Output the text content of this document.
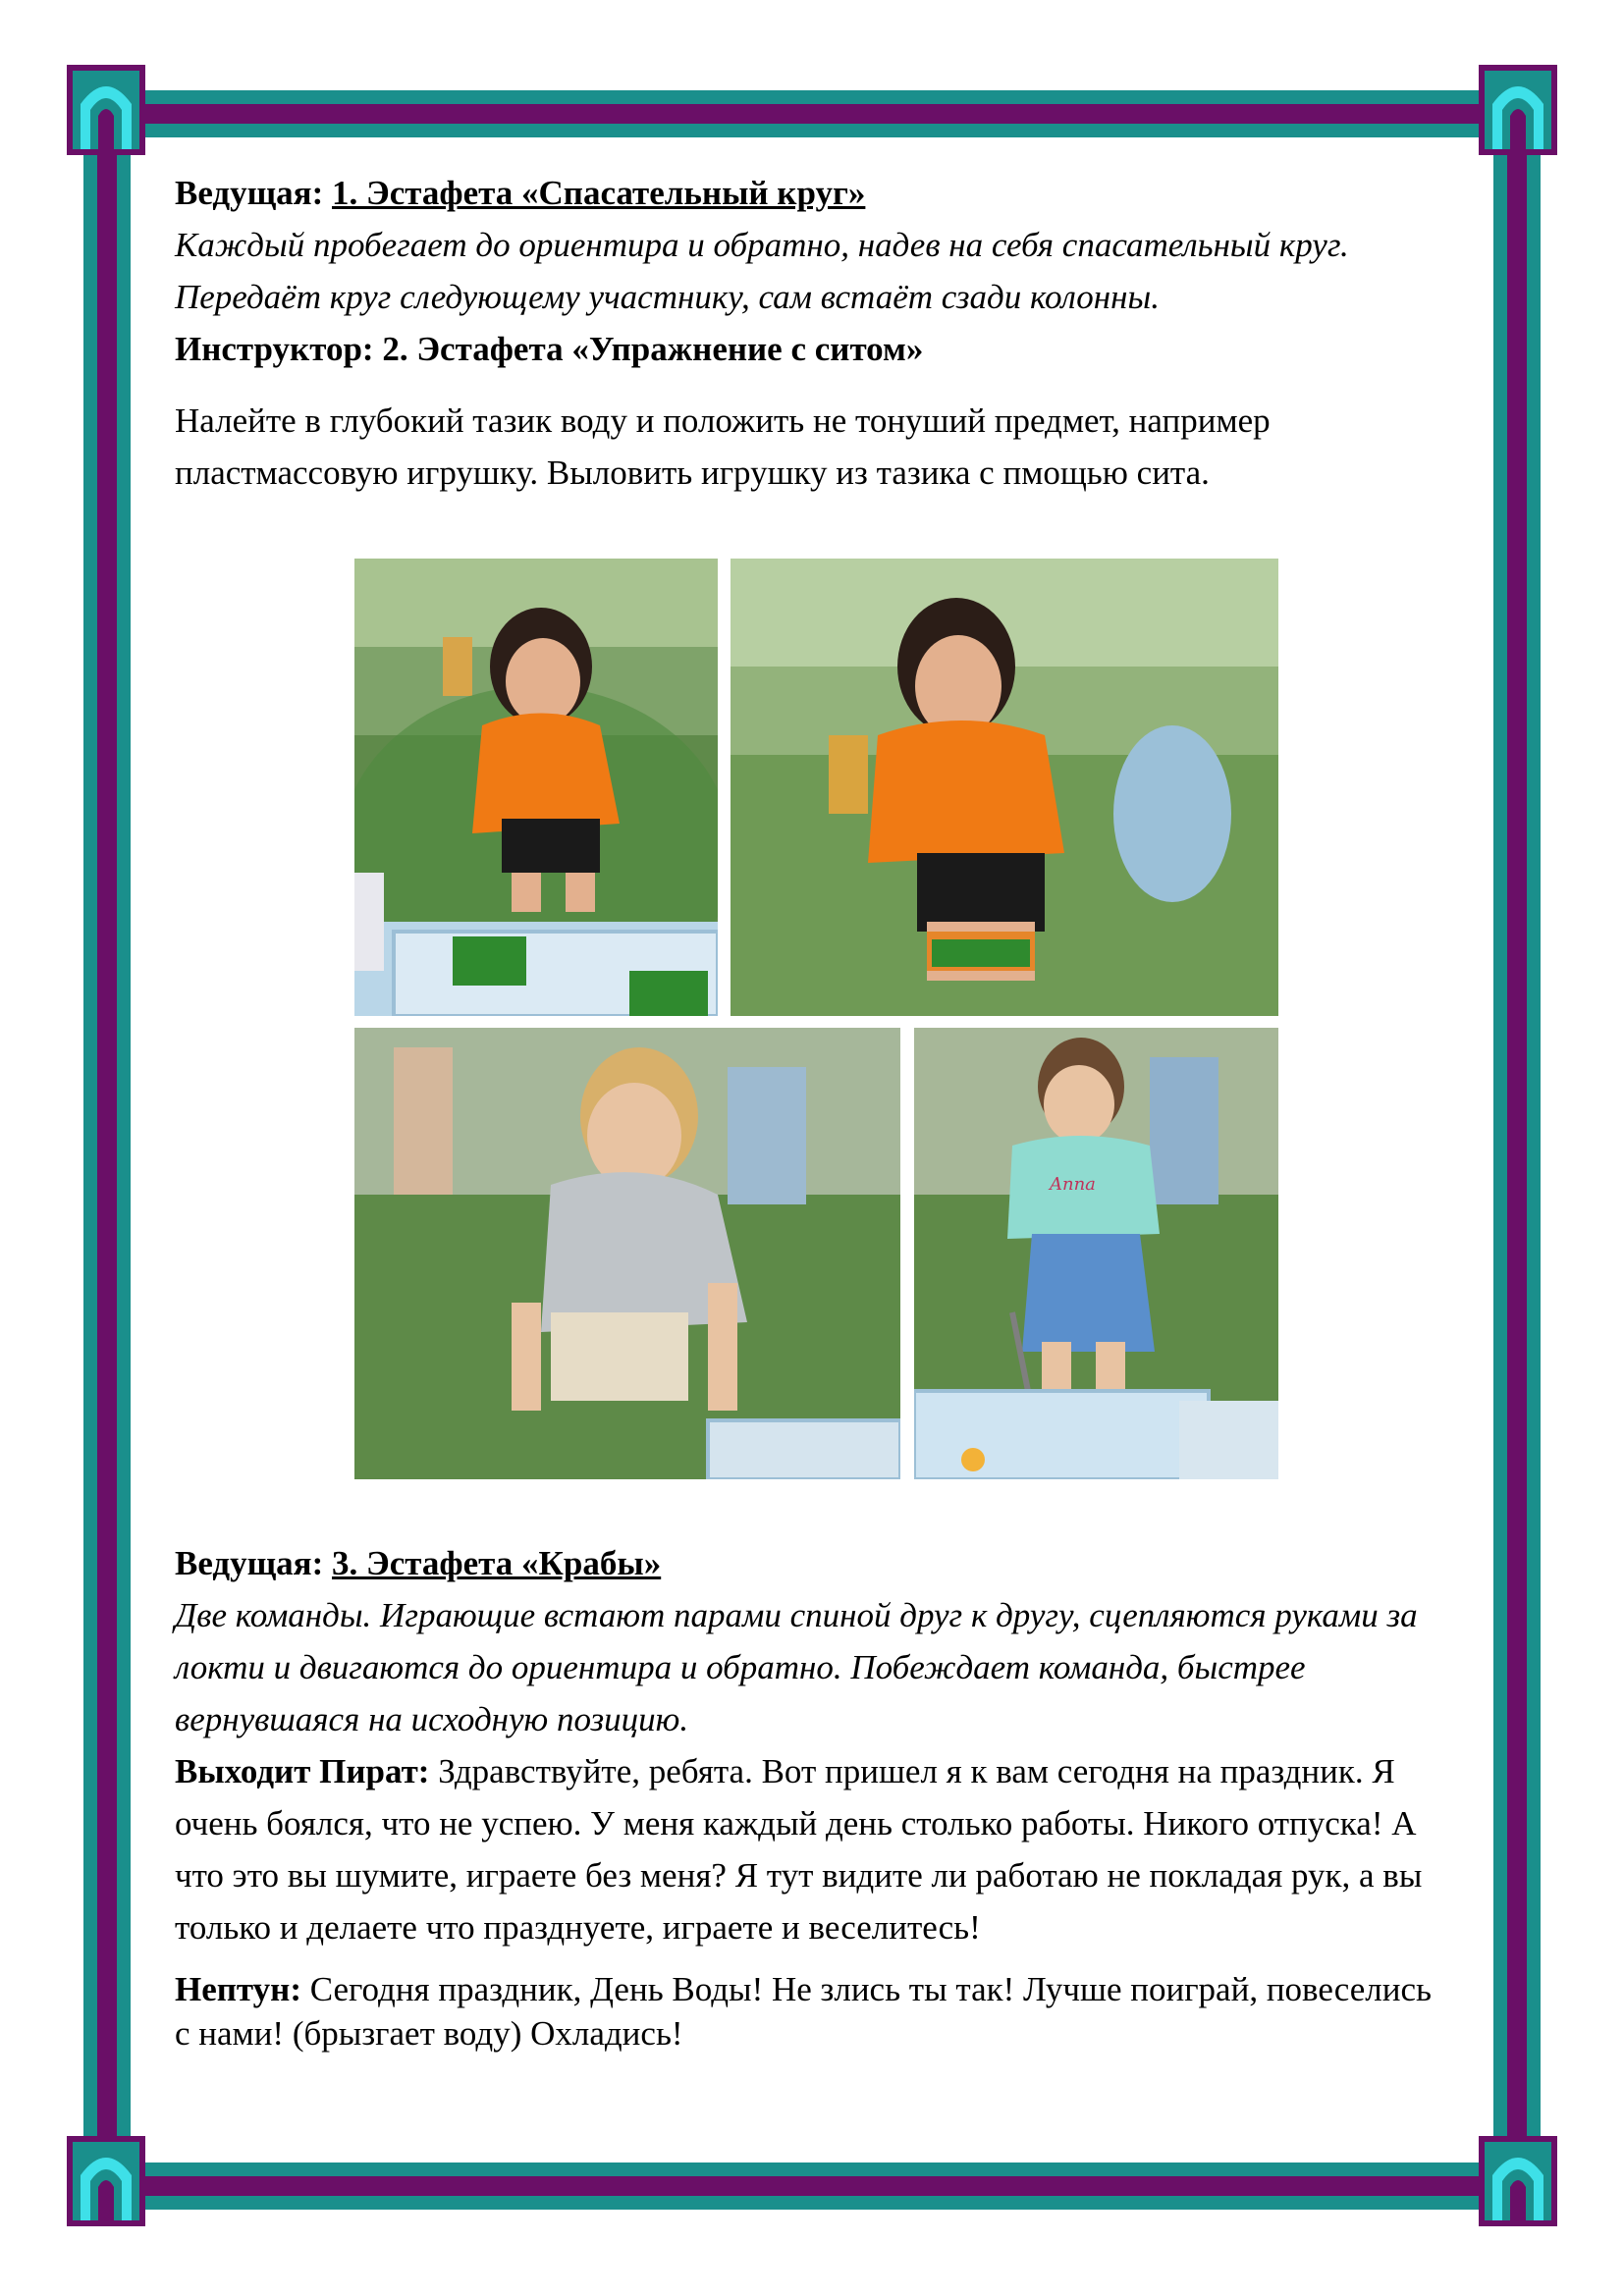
Ведущая: 1. Эстафета «Спасательный круг»

Каждый пробегает до ориентира и обратно, надев на себя спасательный круг. Передаёт круг следующему участнику, сам встаёт сзади колонны.

Инструктор: 2. Эстафета «Упражнение с ситом»

Налейте в глубокий тазик воду и положить не тонуший предмет, например пластмассовую игрушку. Выловить игрушку из тазика с пмощью сита.

Anna

Ведущая: 3. Эстафета «Крабы»

Две команды. Играющие встают парами спиной друг к другу, сцепляются руками за локти и двигаются до ориентира и обратно. Побеждает команда, быстрее вернувшаяся на исходную позицию.

Выходит Пират: Здравствуйте, ребята. Вот пришел я к вам сегодня на праздник. Я очень боялся, что не успею. У меня каждый день столько работы. Никого отпуска! А что это вы шумите, играете без меня? Я тут видите ли работаю не покладая рук, а вы только и делаете что празднуете, играете и веселитесь!

Нептун: Сегодня праздник, День Воды! Не злись ты так! Лучше поиграй, повеселись с нами! (брызгает воду) Охладись!
